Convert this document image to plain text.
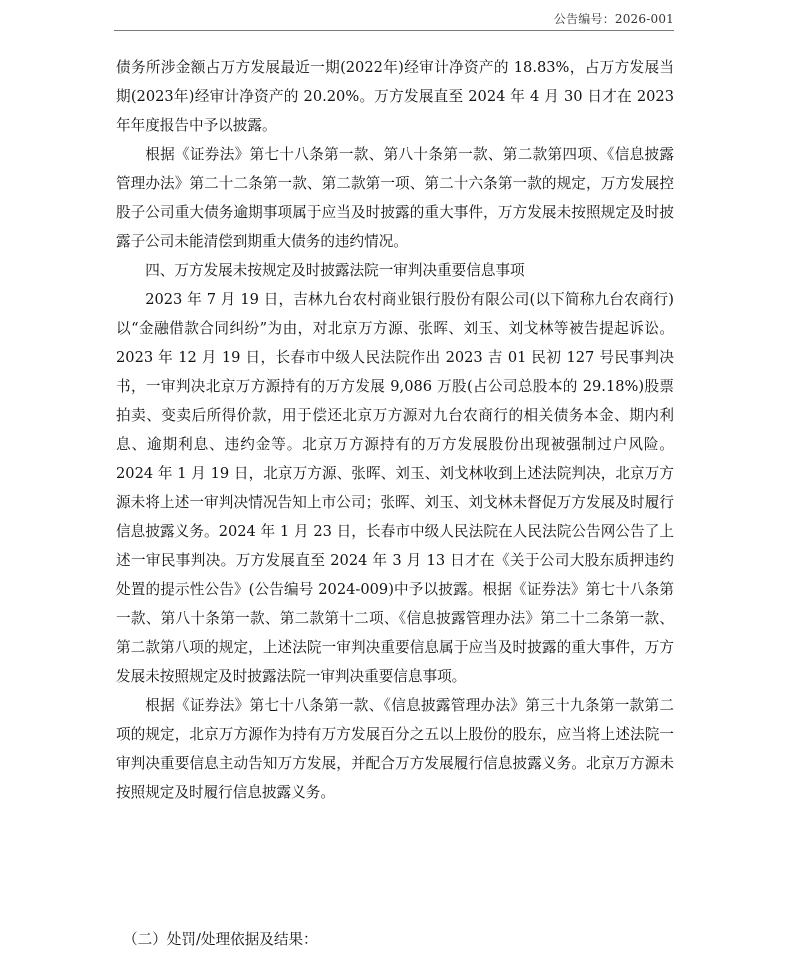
公告编号：2026-001

债务所涉金额占万方发展最近一期(2022年)经审计净资产的 18.83%，占万方发展当期(2023年)经审计净资产的 20.20%。万方发展直至 2024 年 4 月 30 日才在 2023 年年度报告中予以披露。

根据《证券法》第七十八条第一款、第八十条第一款、第二款第四项、《信息披露管理办法》第二十二条第一款、第二款第一项、第二十六条第一款的规定，万方发展控股子公司重大债务逾期事项属于应当及时披露的重大事件，万方发展未按照规定及时披露子公司未能清偿到期重大债务的违约情况。

四、万方发展未按规定及时披露法院一审判决重要信息事项

2023 年 7 月 19 日，吉林九台农村商业银行股份有限公司(以下简称九台农商行)以“金融借款合同纠纷”为由，对北京万方源、张晖、刘玉、刘戈林等被告提起诉讼。2023 年 12 月 19 日，长春市中级人民法院作出 2023 吉 01 民初 127 号民事判决书，一审判决北京万方源持有的万方发展 9,086 万股(占公司总股本的 29.18%)股票拍卖、变卖后所得价款，用于偿还北京万方源对九台农商行的相关债务本金、期内利息、逾期利息、违约金等。北京万方源持有的万方发展股份出现被强制过户风险。2024 年 1 月 19 日，北京万方源、张晖、刘玉、刘戈林收到上述法院判决，北京万方源未将上述一审判决情况告知上市公司；张晖、刘玉、刘戈林未督促万方发展及时履行信息披露义务。2024 年 1 月 23 日，长春市中级人民法院在人民法院公告网公告了上述一审民事判决。万方发展直至 2024 年 3 月 13 日才在《关于公司大股东质押违约处置的提示性公告》(公告编号 2024-009)中予以披露。根据《证券法》第七十八条第一款、第八十条第一款、第二款第十二项、《信息披露管理办法》第二十二条第一款、第二款第八项的规定，上述法院一审判决重要信息属于应当及时披露的重大事件，万方发展未按照规定及时披露法院一审判决重要信息事项。

根据《证券法》第七十八条第一款、《信息披露管理办法》第三十九条第一款第二项的规定，北京万方源作为持有万方发展百分之五以上股份的股东，应当将上述法院一审判决重要信息主动告知万方发展，并配合万方发展履行信息披露义务。北京万方源未按照规定及时履行信息披露义务。

（二）处罚/处理依据及结果：
